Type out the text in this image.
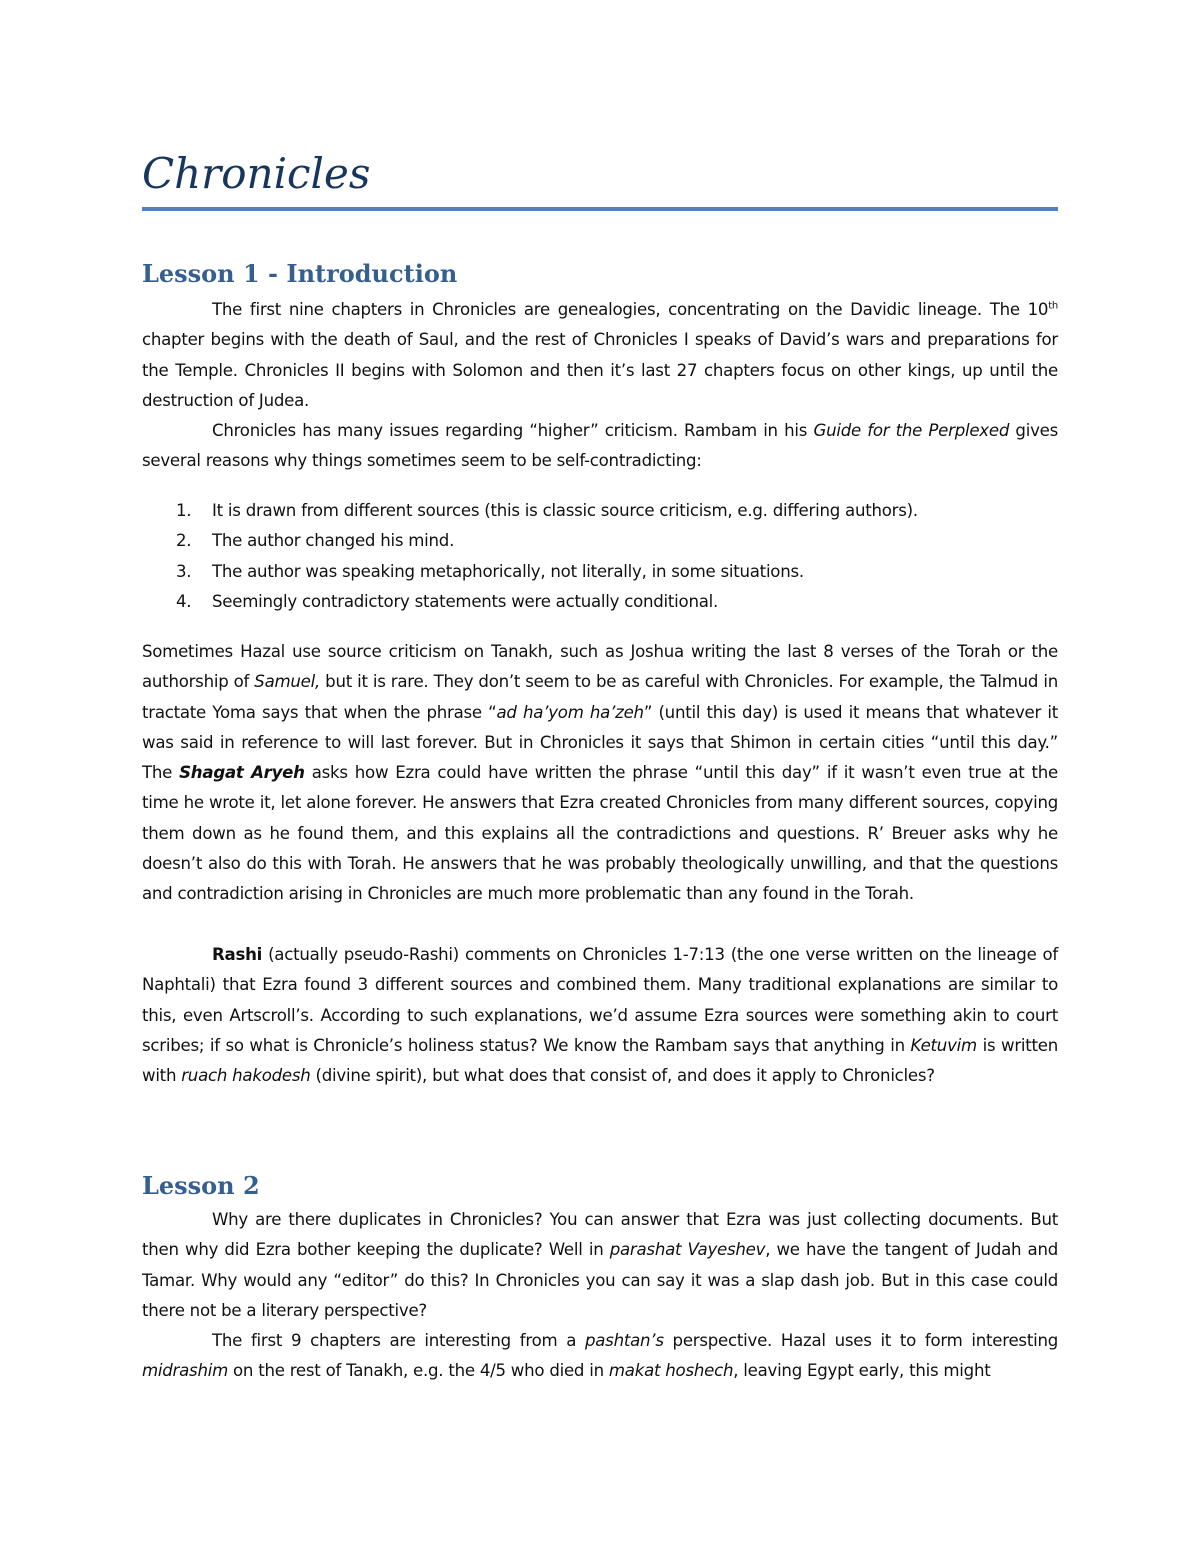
Chronicles
Lesson 1 - Introduction

The first nine chapters in Chronicles are genealogies, concentrating on the Davidic lineage. The 10th chapter begins with the death of Saul, and the rest of Chronicles I speaks of David’s wars and preparations for the Temple. Chronicles II begins with Solomon and then it’s last 27 chapters focus on other kings, up until the destruction of Judea.

Chronicles has many issues regarding “higher” criticism. Rambam in his Guide for the Perplexed gives several reasons why things sometimes seem to be self-contradicting:

1. It is drawn from different sources (this is classic source criticism, e.g. differing authors).
2. The author changed his mind.
3. The author was speaking metaphorically, not literally, in some situations.
4. Seemingly contradictory statements were actually conditional.

Sometimes Hazal use source criticism on Tanakh, such as Joshua writing the last 8 verses of the Torah or the authorship of Samuel, but it is rare. They don’t seem to be as careful with Chronicles. For example, the Talmud in tractate Yoma says that when the phrase “ad ha’yom ha’zeh” (until this day) is used it means that whatever it was said in reference to will last forever. But in Chronicles it says that Shimon in certain cities “until this day.” The Shagat Aryeh asks how Ezra could have written the phrase “until this day” if it wasn’t even true at the time he wrote it, let alone forever. He answers that Ezra created Chronicles from many different sources, copying them down as he found them, and this explains all the contradictions and questions. R’ Breuer asks why he doesn’t also do this with Torah. He answers that he was probably theologically unwilling, and that the questions and contradiction arising in Chronicles are much more problematic than any found in the Torah.

Rashi (actually pseudo-Rashi) comments on Chronicles 1-7:13 (the one verse written on the lineage of Naphtali) that Ezra found 3 different sources and combined them. Many traditional explanations are similar to this, even Artscroll’s. According to such explanations, we’d assume Ezra sources were something akin to court scribes; if so what is Chronicle’s holiness status? We know the Rambam says that anything in Ketuvim is written with ruach hakodesh (divine spirit), but what does that consist of, and does it apply to Chronicles?

Lesson 2

Why are there duplicates in Chronicles? You can answer that Ezra was just collecting documents. But then why did Ezra bother keeping the duplicate? Well in parashat Vayeshev, we have the tangent of Judah and Tamar. Why would any “editor” do this? In Chronicles you can say it was a slap dash job. But in this case could there not be a literary perspective?

The first 9 chapters are interesting from a pashtan’s perspective. Hazal uses it to form interesting midrashim on the rest of Tanakh, e.g. the 4/5 who died in makat hoshech, leaving Egypt early, this might
